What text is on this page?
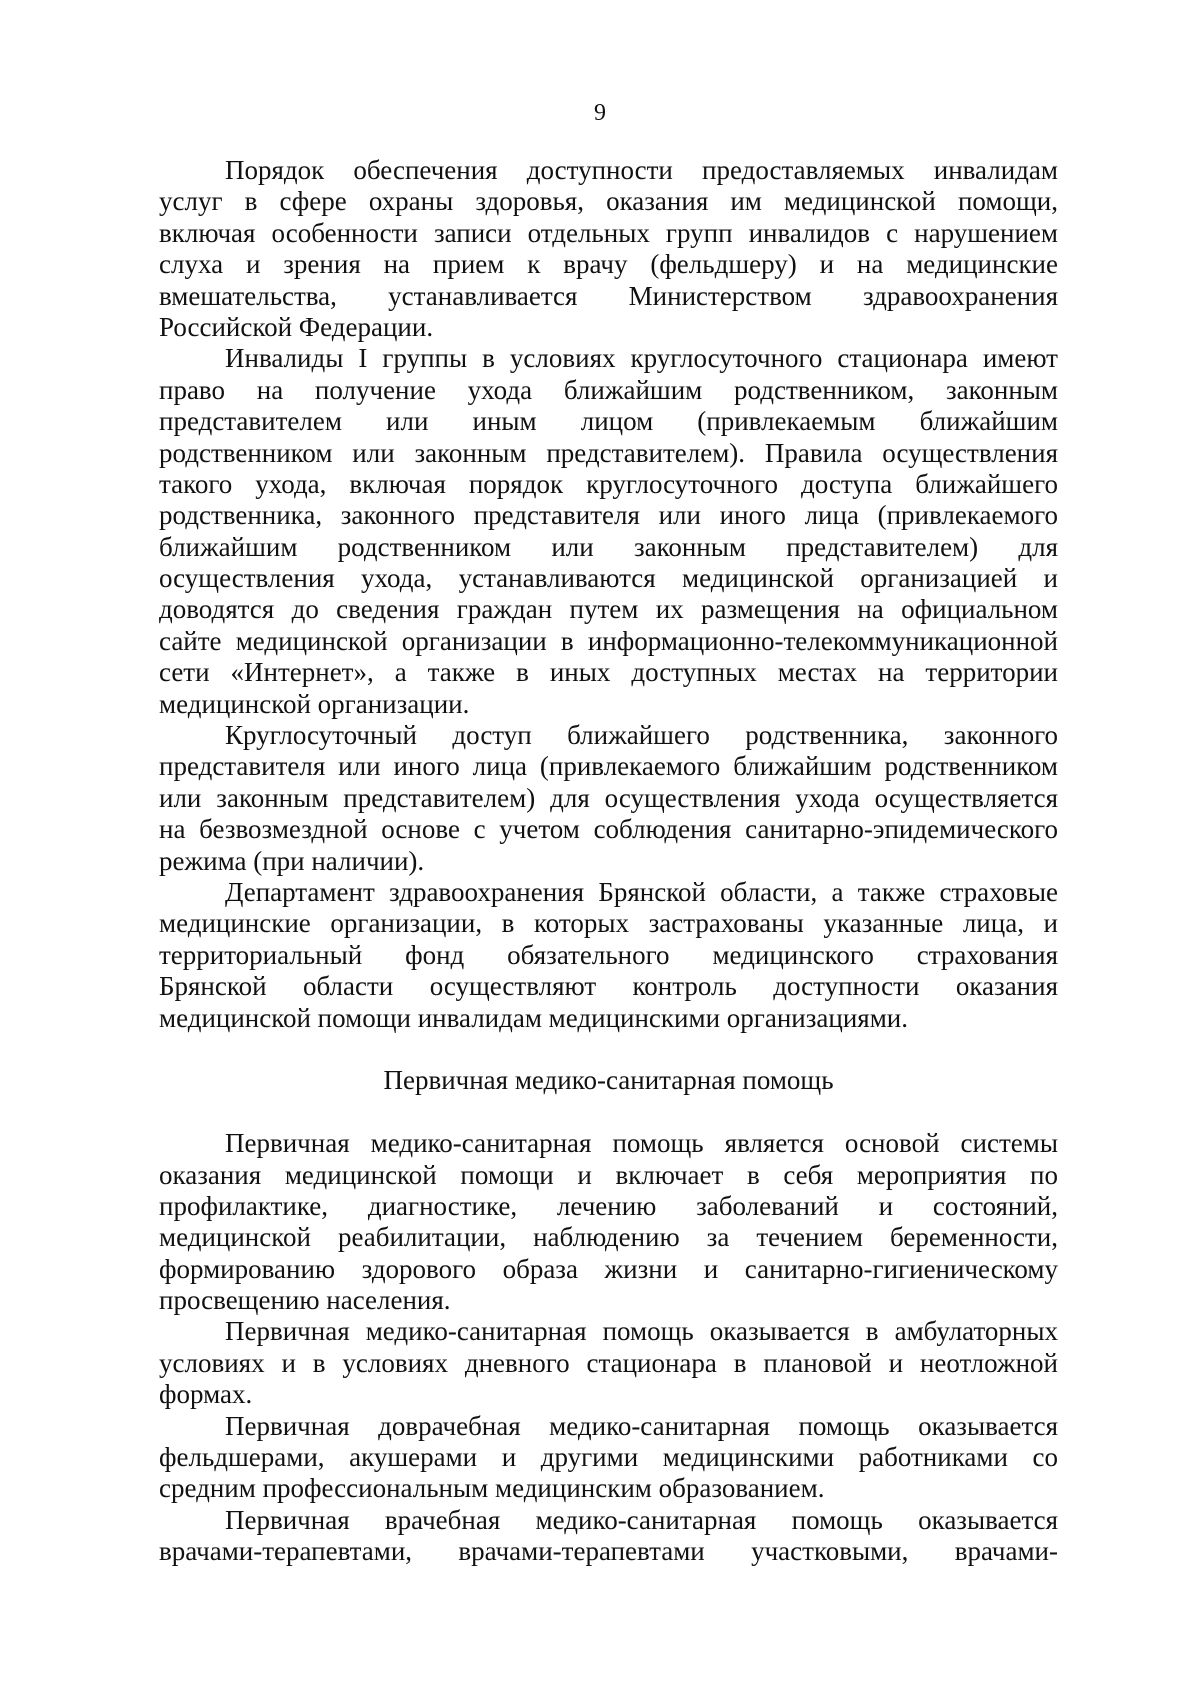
9
Порядок обеспечения доступности предоставляемых инвалидам
услуг в сфере охраны здоровья, оказания им медицинской помощи,
включая особенности записи отдельных групп инвалидов с нарушением
слуха и зрения на прием к врачу (фельдшеру) и на медицинские
вмешательства, устанавливается Министерством здравоохранения
Российской Федерации.
Инвалиды I группы в условиях круглосуточного стационара имеют
право на получение ухода ближайшим родственником, законным
представителем или иным лицом (привлекаемым ближайшим
родственником или законным представителем). Правила осуществления
такого ухода, включая порядок круглосуточного доступа ближайшего
родственника, законного представителя или иного лица (привлекаемого
ближайшим родственником или законным представителем) для
осуществления ухода, устанавливаются медицинской организацией и
доводятся до сведения граждан путем их размещения на официальном
сайте медицинской организации в информационно-телекоммуникационной
сети «Интернет», а также в иных доступных местах на территории
медицинской организации.
Круглосуточный доступ ближайшего родственника, законного
представителя или иного лица (привлекаемого ближайшим родственником
или законным представителем) для осуществления ухода осуществляется
на безвозмездной основе с учетом соблюдения санитарно-эпидемического
режима (при наличии).
Департамент здравоохранения Брянской области, а также страховые
медицинские организации, в которых застрахованы указанные лица, и
территориальный фонд обязательного медицинского страхования
Брянской области осуществляют контроль доступности оказания
медицинской помощи инвалидам медицинскими организациями.
Первичная медико-санитарная помощь
Первичная медико-санитарная помощь является основой системы
оказания медицинской помощи и включает в себя мероприятия по
профилактике, диагностике, лечению заболеваний и состояний,
медицинской реабилитации, наблюдению за течением беременности,
формированию здорового образа жизни и санитарно-гигиеническому
просвещению населения.
Первичная медико-санитарная помощь оказывается в амбулаторных
условиях и в условиях дневного стационара в плановой и неотложной
формах.
Первичная доврачебная медико-санитарная помощь оказывается
фельдшерами, акушерами и другими медицинскими работниками со
средним профессиональным медицинским образованием.
Первичная врачебная медико-санитарная помощь оказывается
врачами-терапевтами, врачами-терапевтами участковыми, врачами-
